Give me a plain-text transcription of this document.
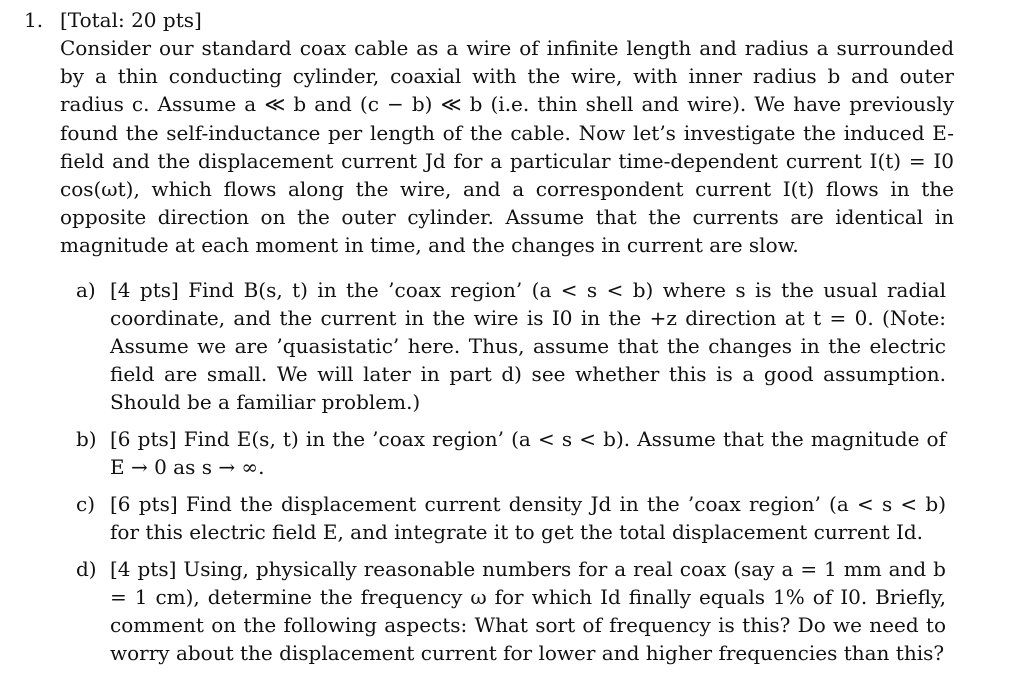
1. [Total: 20 pts]
Consider our standard coax cable as a wire of infinite length and radius a surrounded by a thin conducting cylinder, coaxial with the wire, with inner radius b and outer radius c. Assume a ≪ b and (c − b) ≪ b (i.e. thin shell and wire). We have previously found the self-inductance per length of the cable. Now let’s investigate the induced E-field and the displacement current Jd for a particular time-dependent current I(t) = I0 cos(ωt), which flows along the wire, and a correspondent current I(t) flows in the opposite direction on the outer cylinder. Assume that the currents are identical in magnitude at each moment in time, and the changes in current are slow.
a) [4 pts] Find B(s, t) in the ’coax region’ (a < s < b) where s is the usual radial coordinate, and the current in the wire is I0 in the +z direction at t = 0. (Note: Assume we are ’quasistatic’ here. Thus, assume that the changes in the electric field are small. We will later in part d) see whether this is a good assumption. Should be a familiar problem.)
b) [6 pts] Find E(s, t) in the ’coax region’ (a < s < b). Assume that the magnitude of E → 0 as s → ∞.
c) [6 pts] Find the displacement current density Jd in the ’coax region’ (a < s < b) for this electric field E, and integrate it to get the total displacement current Id.
d) [4 pts] Using, physically reasonable numbers for a real coax (say a = 1 mm and b = 1 cm), determine the frequency ω for which Id finally equals 1% of I0. Briefly, comment on the following aspects: What sort of frequency is this? Do we need to worry about the displacement current for lower and higher frequencies than this?
